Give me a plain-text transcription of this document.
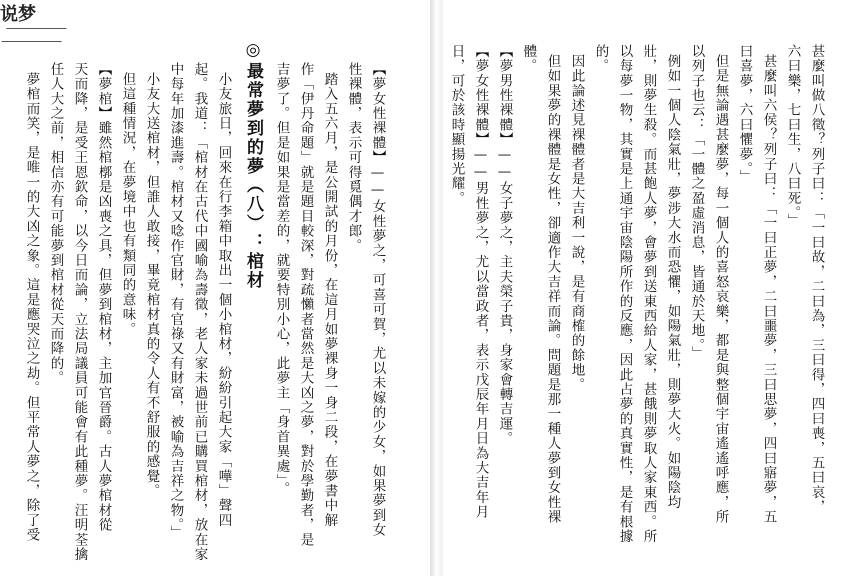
说梦
甚麼叫做八徵？列子曰：「一曰故，二曰為，三曰得，四曰喪，五曰哀，
六曰樂，七曰生，八曰死。」
甚麼叫六侯？列子曰：「一曰正夢，二曰噩夢，三曰思夢，四曰寤夢，五
曰喜夢，六曰懼夢。」
但是無論遇甚麼夢，每一個人的喜怒哀樂，都是與整個宇宙遙遙呼應，所
以列子也云：「一體之盈虛消息，皆通於天地。」
例如一個人陰氣壯，夢涉大水而恐懼，如陽氣壯，則夢大火。如陽陰均
壯，則夢生殺。而甚飽人夢，會夢到送東西給人家，甚餓則夢取人家東西。所
以每夢一物，其實是上通宇宙陰陽所作的反應，因此占夢的真實性，是有根據
的。
因此論述見裸體者是大吉利一說，是有商榷的餘地。
但如果夢的裸體是女性，卻適作大吉祥而論。問題是那一種人夢到女性裸
體。
【夢男性裸體】——女子夢之，主夫榮子貴，身家會轉吉運。
【夢女性裸體】——男性夢之，尤以當政者，表示戊辰年月日為大吉年月
日，可於該時顯揚光耀。
【夢女性裸體】——女性夢之，可喜可賀，尤以未嫁的少女，如果夢到女
性裸體，表示可得覓偶才郎。
踏入五六月，是公開試的月份，在這月如夢裸身一身二段，在夢書中解
作「伊丹命題」就是題目較深，對疏懶者當然是大凶之夢，對於學勤者，是
吉夢了。但是如果是當差的，就要特別小心，此夢主「身首異處」。
◎最常夢到的夢（八）：棺材
小友旅日，回來在行李箱中取出一個小棺材，紛紛引起大家「嘩」聲四
起。我道：「棺材在古代中國喻為壽徵，老人家未過世前已購買棺材，放在家
中每年加漆進壽。棺材又唸作官財，有官祿又有財富，被喻為吉祥之物。」
小友大送棺材，但誰人敢接，畢竟棺材真的令人有不舒服的感覺。
但這種情況，在夢境中也有類同的意味。
【夢棺】雖然棺槨是凶喪之具，但夢到棺材，主加官晉爵。古人夢棺材從
天而降，是受王恩欽命，以今日而論，立法局議員可能會有此種夢。汪明荃擒
任人大之前，相信亦有可能夢到棺材從天而降的。
夢棺而笑，是唯一的大凶之象。這是應哭泣之劫。但平常人夢之，除了受
